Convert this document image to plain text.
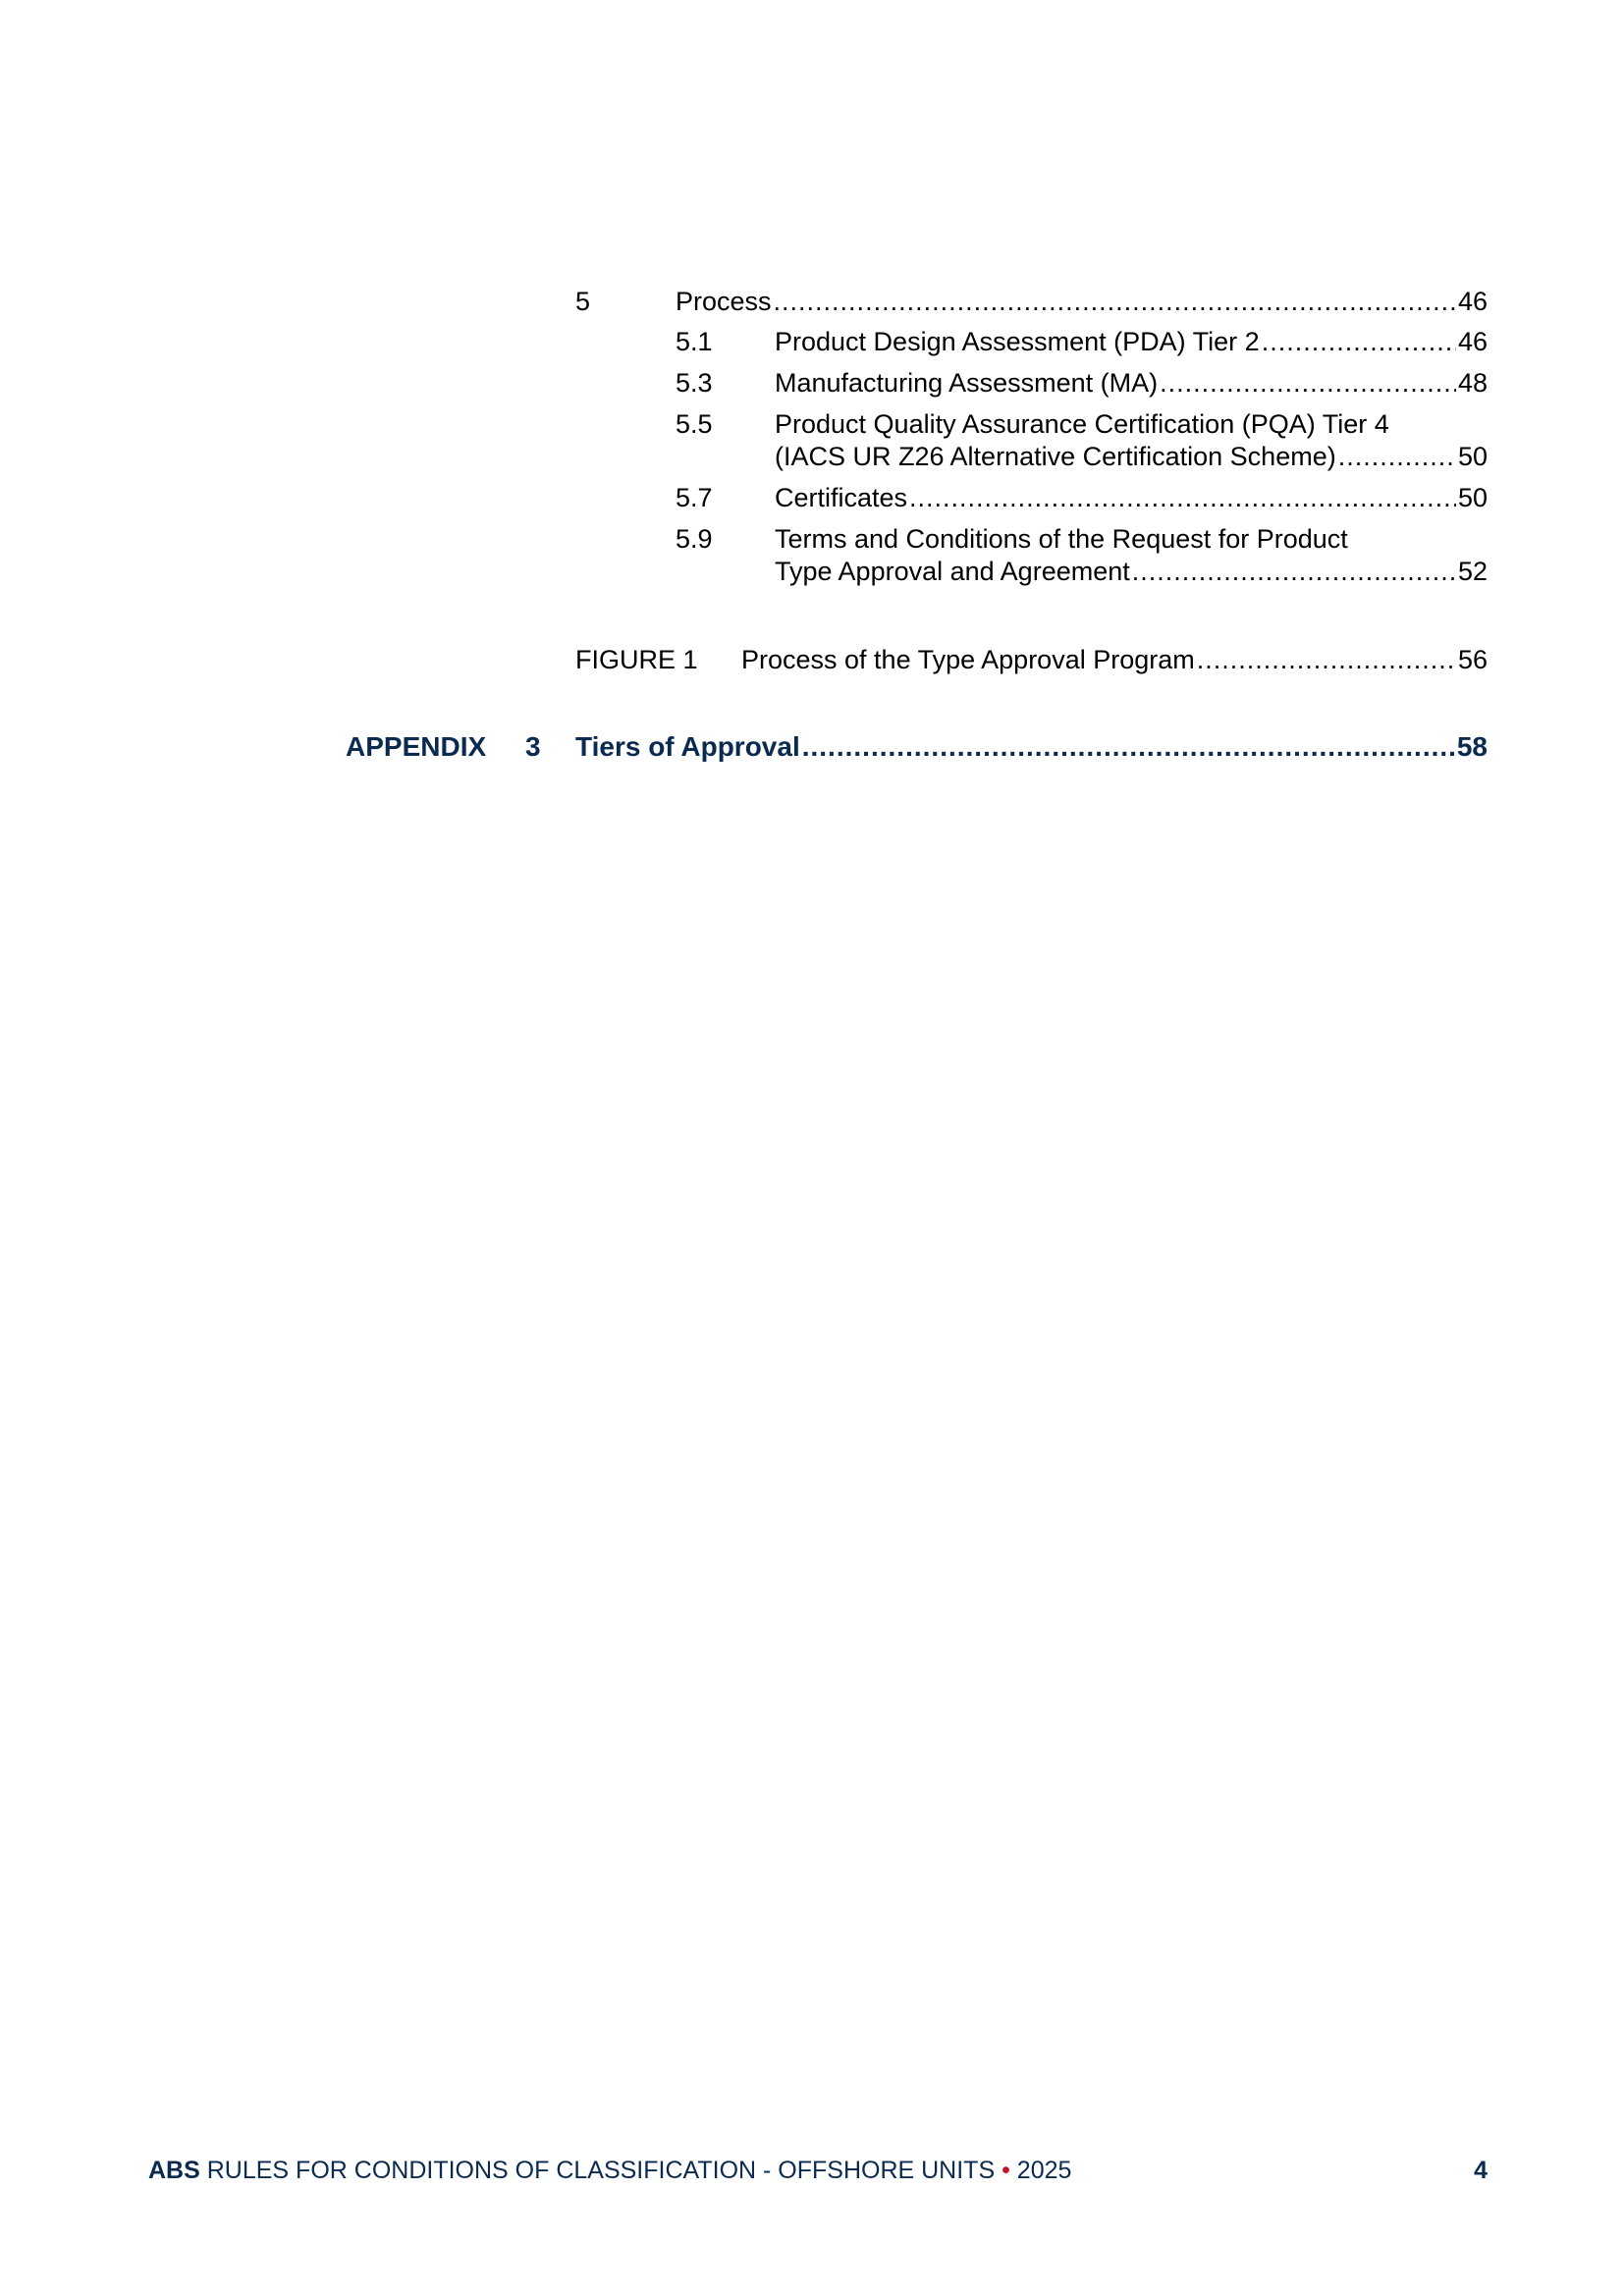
5	Process .....	46
5.1 Product Design Assessment (PDA) Tier 2 .....	46
5.3 Manufacturing Assessment (MA) .....	48
5.5 Product Quality Assurance Certification (PQA) Tier 4
(IACS UR Z26 Alternative Certification Scheme) .....	50
5.7 Certificates .....	50
5.9 Terms and Conditions of the Request for Product
Type Approval and Agreement .....	52
FIGURE 1 Process of the Type Approval Program .....	56
APPENDIX 3 Tiers of Approval .....	58
ABS RULES FOR CONDITIONS OF CLASSIFICATION - OFFSHORE UNITS • 2025	4
